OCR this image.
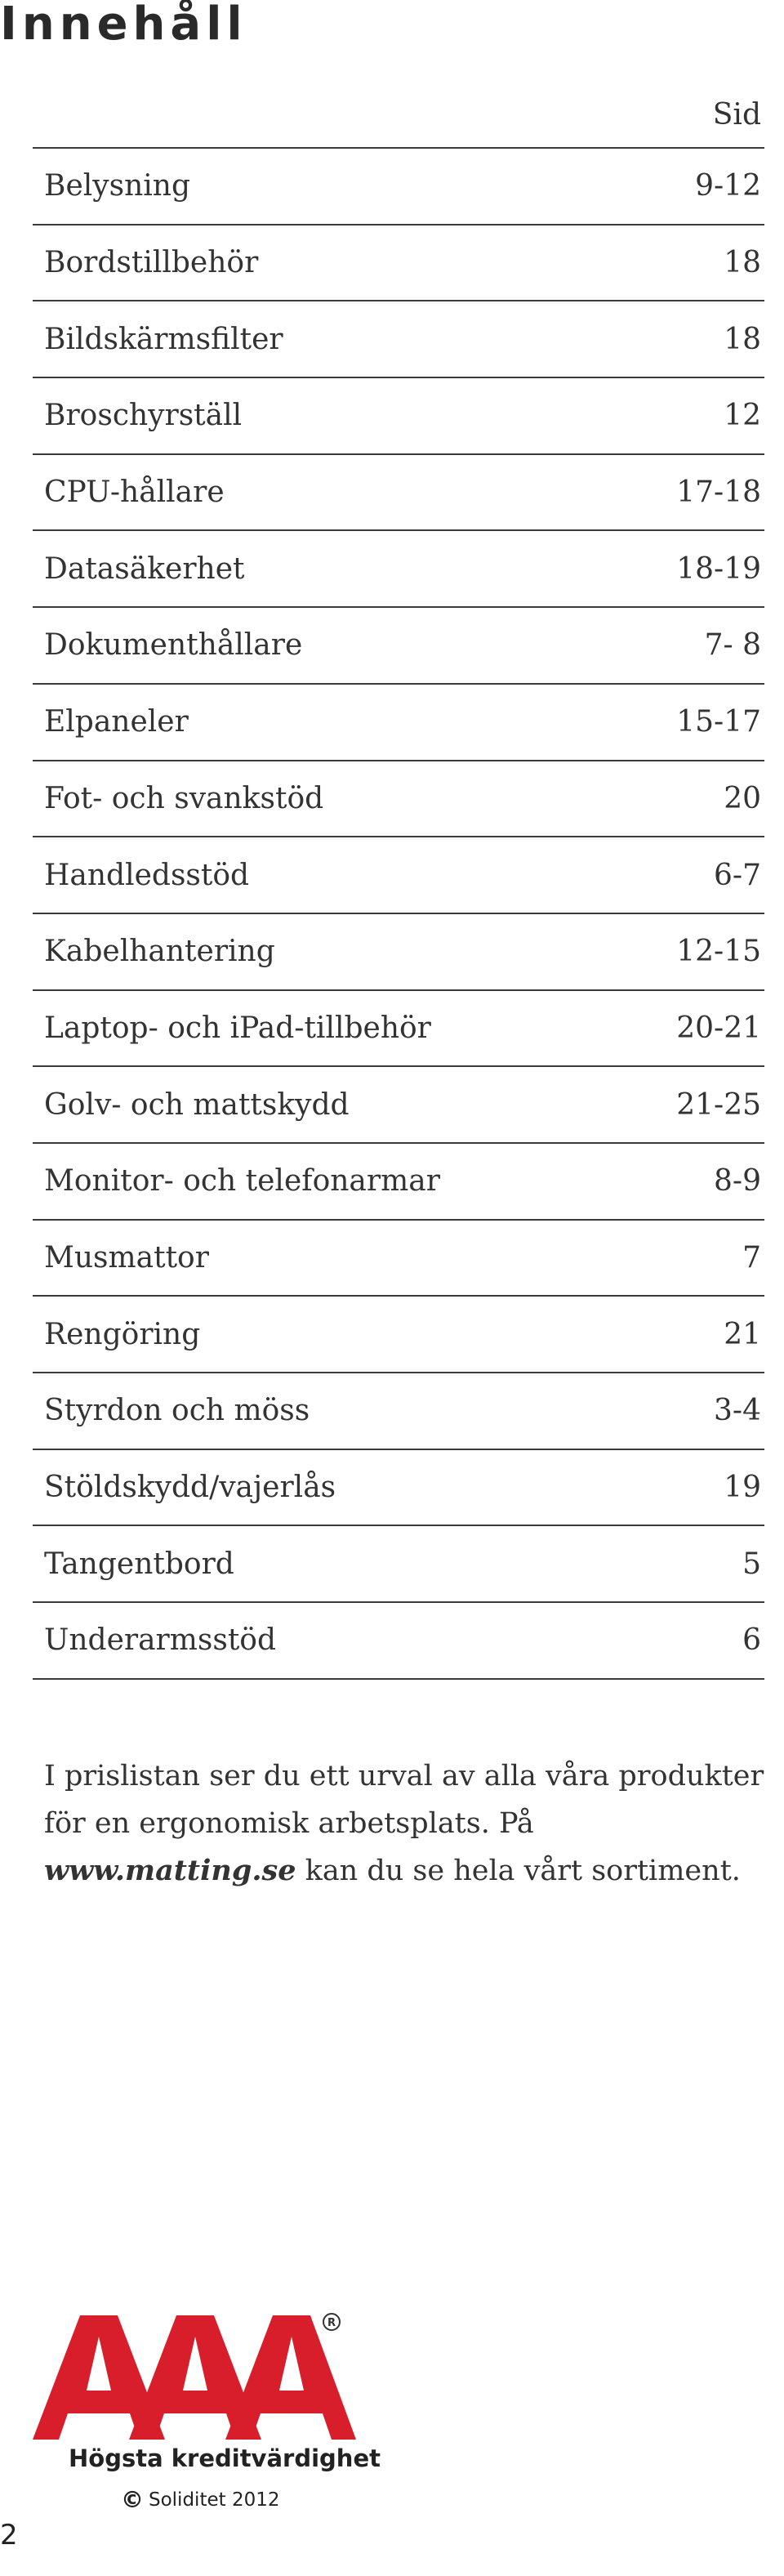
Innehåll
Sid
Belysning	9-12
Bordstillbehör	18
Bildskärmsfilter	18
Broschyrställ	12
CPU-hållare	17-18
Datasäkerhet	18-19
Dokumenthållare	7- 8
Elpaneler	15-17
Fot- och svankstöd	20
Handledsstöd	6-7
Kabelhantering	12-15
Laptop- och iPad-tillbehör	20-21
Golv- och mattskydd	21-25
Monitor- och telefonarmar	8-9
Musmattor	7
Rengöring	21
Styrdon och möss	3-4
Stöldskydd/vajerlås	19
Tangentbord	5
Underarmsstöd	6

I prislistan ser du ett urval av alla våra produkter för en ergonomisk arbetsplats. På www.matting.se kan du se hela vårt sortiment.

R
Högsta kreditvärdighet
© Soliditet 2012
2
